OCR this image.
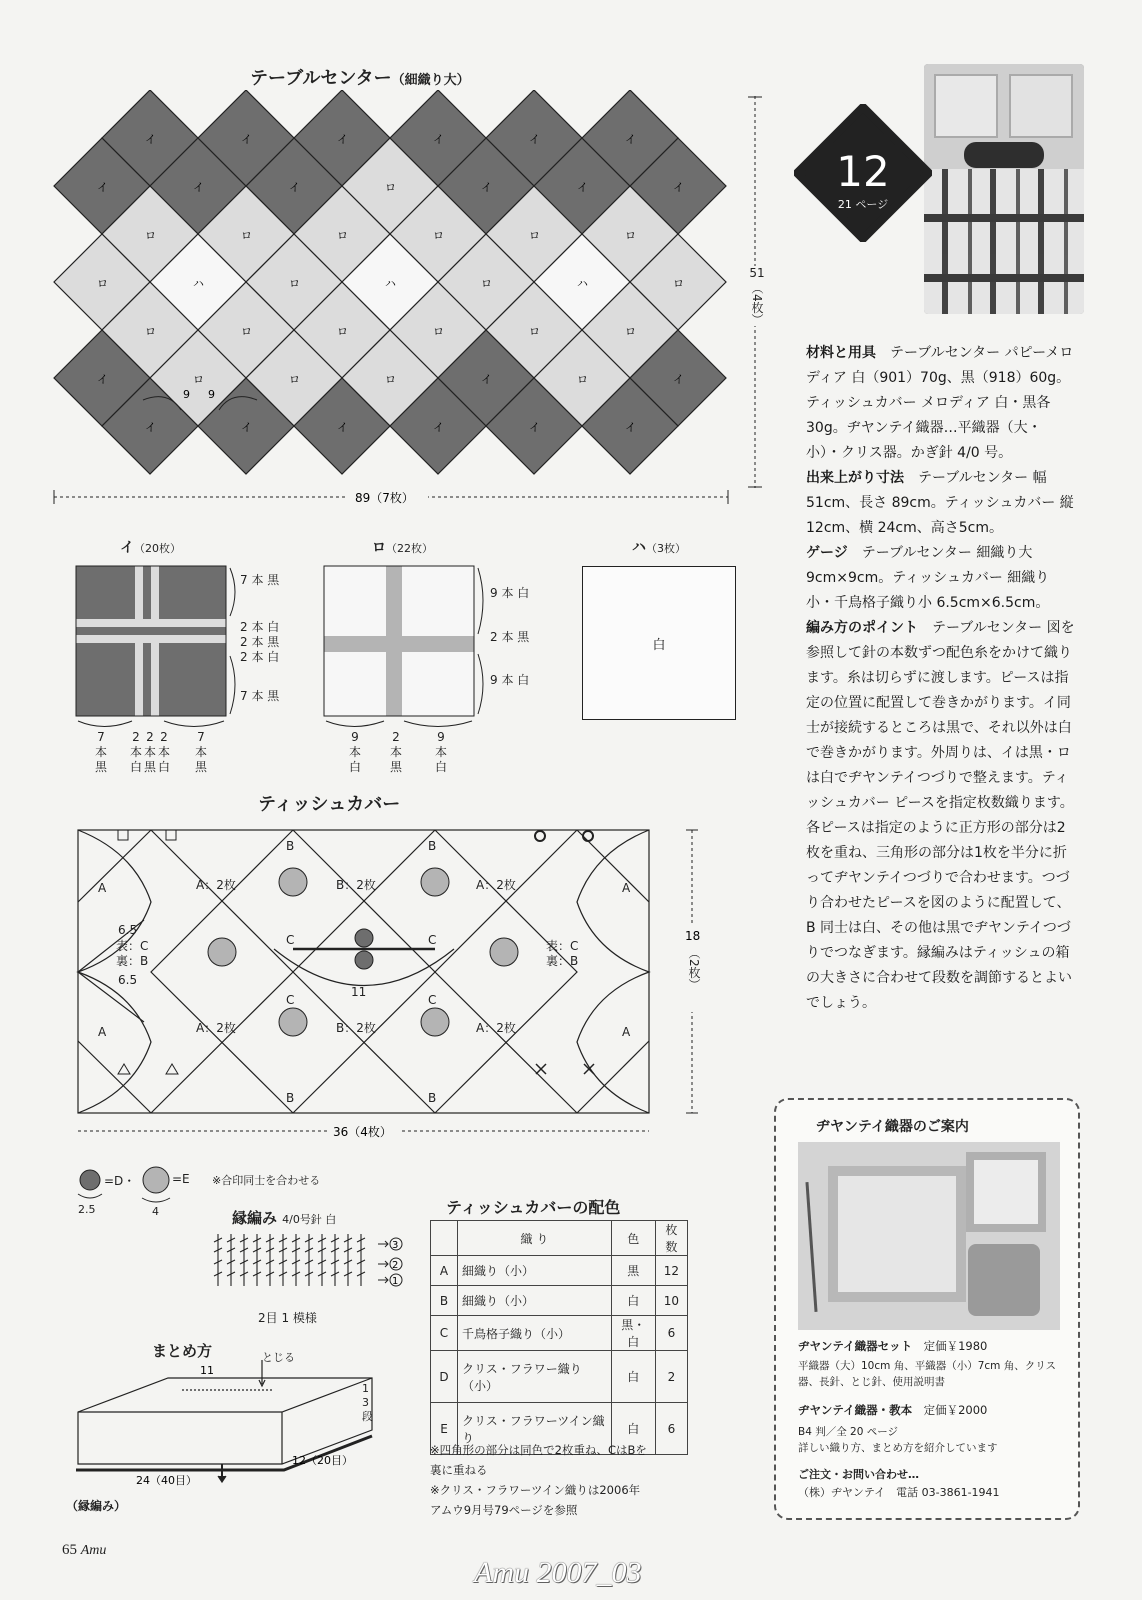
テーブルセンター（細織り大）
イ	イ	イ
イ	イ	イ	ロ	イ	イ	イ
ロ	ロ	ロ	ロ	ロ	ロ
ロ	ハ	ロ	ハ	ロ	ハ	ロ
ロ	ロ	ロ	ロ	ロ	ロ
イ	ロ	ロ	ロ	イ	ロ	イ
イ	イ	イ	イ	イ	イ
イ	イ	イ
9 9
89（7枚）
51
（4枚）
イ（20枚）
7 本 黒
2 本 白
2 本 黒
2 本 白
7 本 黒
7
本
黒
2
本
白
2
本
黒
2
本
白
7
本
黒
ロ（22枚）
9 本 白
2 本 黒
9 本 白
9
本
白
2
本
黒
9
本
白
ハ（3枚）
白
ティッシュカバー
A
A
A
A
B	B
B	B
C	C
C	C
A：2枚	B：2枚	A：2枚
A：2枚	B：2枚	A：2枚
表：C
裏：B
表：C
裏：B
6.5
6.5
11
36（4枚）
18
（2枚）
=D・	=E ※合印同士を合わせる
2.5	4	縁編み 4/0号針 白
3
2
1
2目 1 模様
まとめ方	とじる
11
12（20目）
24（40目）
1
3
段
（縁編み）
ティッシュカバーの配色
	織 り	色	枚数
A	細織り（小）	黒	12
B	細織り（小）	白	10
C	千鳥格子織り（小）	黒・白	6
D	クリス・フラワー織り（小）	白	2
E	クリス・フラワーツイン織り	白	6
※四角形の部分は同色で2枚重ね、CはBを
裏に重ねる
※クリス・フラワーツイン織りは2006年
アムウ9月号79ページを参照
12
21 ページ

材料と用具　 テーブルセンター パピーメロディア 白（901）70g、黒（918）60g。ティッシュカバー メロディア 白・黒各30g。ヂヤンテイ織器…平織器（大・小）・クリス器。かぎ針 4/0 号。

出来上がり寸法　 テーブルセンター 幅 51cm、長さ 89cm。ティッシュカバー 縦 12cm、横 24cm、高さ5cm。

ゲージ　 テーブルセンター 細織り大9cm×9cm。ティッシュカバー 細織り小・千鳥格子織り小 6.5cm×6.5cm。

編み方のポイント　 テーブルセンター 図を参照して針の本数ずつ配色糸をかけて織ります。糸は切らずに渡します。ピースは指定の位置に配置して巻きかがります。イ同士が接続するところは黒で、それ以外は白で巻きかがります。外周りは、イは黒・ロは白でヂヤンテイつづりで整えます。ティッシュカバー ピースを指定枚数織ります。各ピースは指定のように正方形の部分は2枚を重ね、三角形の部分は1枚を半分に折ってヂヤンテイつづりで合わせます。つづり合わせたピースを図のように配置して、B 同士は白、その他は黒でヂヤンテイつづりでつなぎます。縁編みはティッシュの箱の大きさに合わせて段数を調節するとよいでしょう。

ヂヤンテイ織器のご案内
ヂヤンテイ織器セット　 定価￥1980
平織器（大）10cm 角、平織器（小）7cm 角、クリス器、長針、とじ針、使用説明書
ヂヤンテイ織器・教本　 定価￥2000
B4 判／全 20 ページ
詳しい織り方、まとめ方を紹介しています
ご注文・お問い合わせ…
（株）ヂヤンテイ　電話 03-3861-1941
65 Amu
Amu 2007_03
